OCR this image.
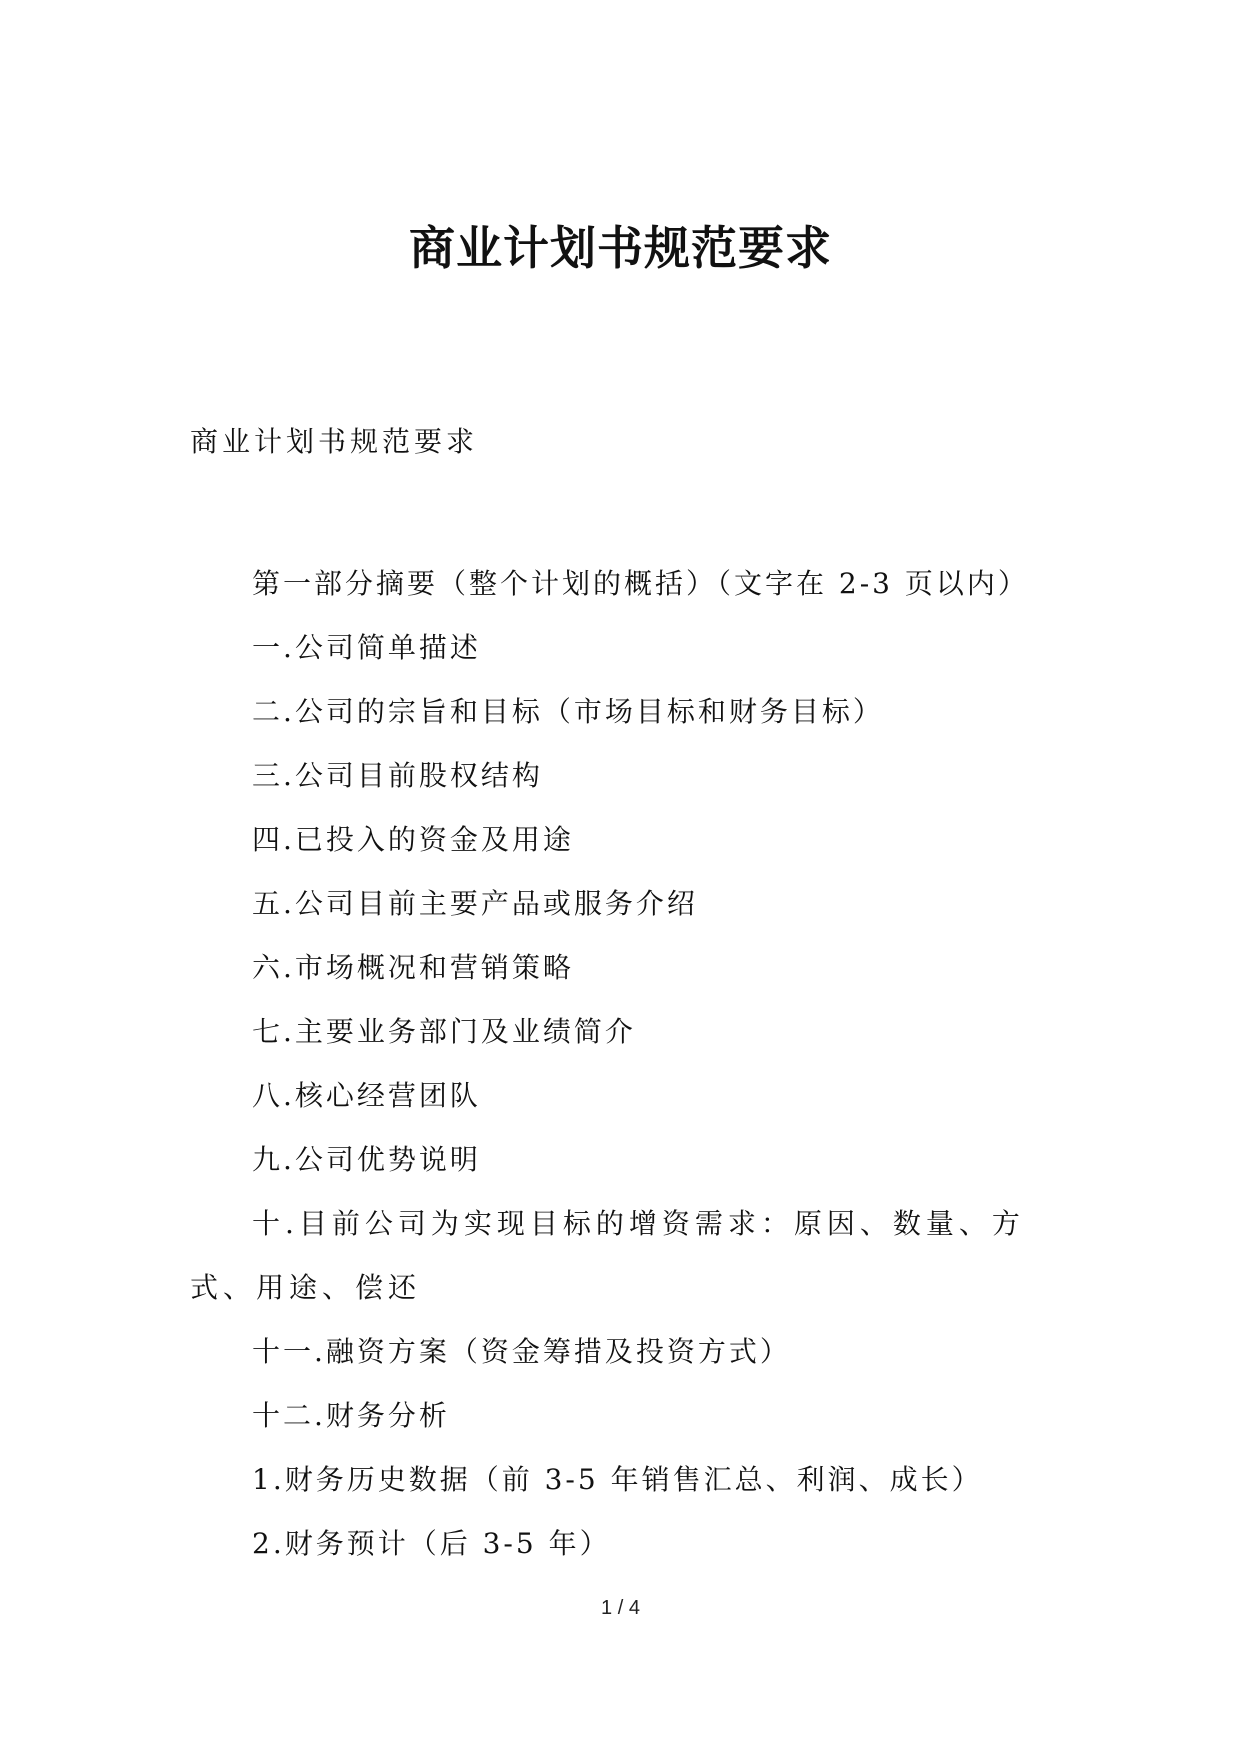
商业计划书规范要求
商业计划书规范要求

第一部分摘要（整个计划的概括）（文字在 2-3 页以内）

一.公司简单描述

二.公司的宗旨和目标（市场目标和财务目标）

三.公司目前股权结构

四.已投入的资金及用途

五.公司目前主要产品或服务介绍

六.市场概况和营销策略

七.主要业务部门及业绩简介

八.核心经营团队

九.公司优势说明

十.目前公司为实现目标的增资需求：原因、数量、方式、用途、偿还

十一.融资方案（资金筹措及投资方式）

十二.财务分析

1.财务历史数据（前 3-5 年销售汇总、利润、成长）

2.财务预计（后 3-5 年）

1 / 4
